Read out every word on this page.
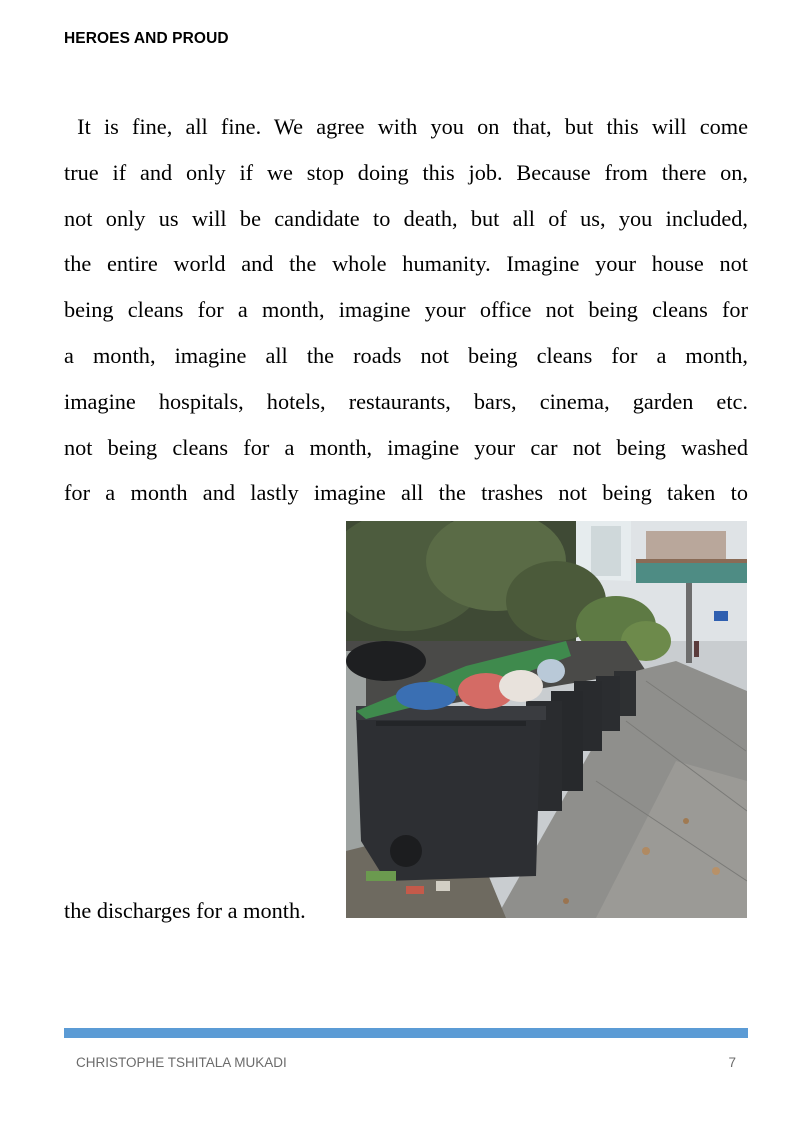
HEROES AND PROUD
It is fine, all fine. We agree with you on that, but this will come
true if and only if we stop doing this job. Because from there on,
not only us will be candidate to death, but all of us, you included,
the entire world and the whole humanity. Imagine your house not
being cleans for a month, imagine your office not being cleans for
a month, imagine all the roads not being cleans for a month,
imagine hospitals, hotels, restaurants, bars, cinema, garden etc.
not being cleans for a month, imagine your car not being washed
for a month and lastly imagine all the trashes not being taken to
the discharges for a month.
CHRISTOPHE TSHITALA MUKADI	7
